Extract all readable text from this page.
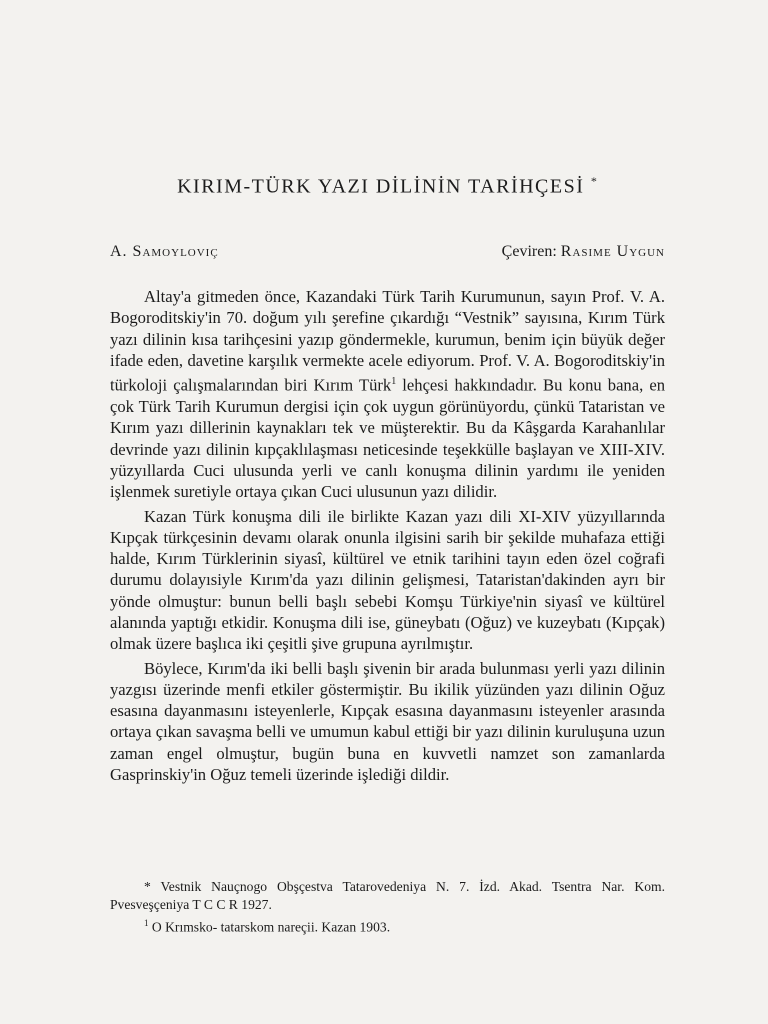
KIRIM-TÜRK YAZI DİLİNİN TARİHÇESİ *
A. Samoyloviç	Çeviren: Rasime Uygun

Altay'a gitmeden önce, Kazandaki Türk Tarih Kurumunun, sayın Prof. V. A. Bogoroditskiy'in 70. doğum yılı şerefine çıkardığı “Vestnik” sayısına, Kırım Türk yazı dilinin kısa tarihçesini yazıp göndermekle, kurumun, benim için büyük değer ifade eden, davetine karşılık vermekte acele ediyorum. Prof. V. A. Bogoroditskiy'in türkoloji çalışmalarından biri Kırım Türk$^1$ lehçesi hakkındadır. Bu konu bana, en çok Türk Tarih Kurumun dergisi için çok uygun görünüyordu, çünkü Tataristan ve Kırım yazı dillerinin kaynakları tek ve müşterektir. Bu da Kâşgarda Karahanlılar devrinde yazı dilinin kıpçaklılaşması neticesinde teşekkülle başlayan ve XIII-XIV. yüzyıllarda Cuci ulusunda yerli ve canlı konuşma dilinin yardımı ile yeniden işlenmek suretiyle ortaya çıkan Cuci ulusunun yazı dilidir.

Kazan Türk konuşma dili ile birlikte Kazan yazı dili XI-XIV yüzyıllarında Kıpçak türkçesinin devamı olarak onunla ilgisini sarih bir şekilde muhafaza ettiği halde, Kırım Türklerinin siyasî, kültürel ve etnik tarihini tayın eden özel coğrafi durumu dolayısiyle Kırım'da yazı dilinin gelişmesi, Tataristan'dakinden ayrı bir yönde olmuştur: bunun belli başlı sebebi Komşu Türkiye'nin siyasî ve kültürel alanında yaptığı etkidir. Konuşma dili ise, güneybatı (Oğuz) ve kuzeybatı (Kıpçak) olmak üzere başlıca iki çeşitli şive grupuna ayrılmıştır.

Böylece, Kırım'da iki belli başlı şivenin bir arada bulunması yerli yazı dilinin yazgısı üzerinde menfi etkiler göstermiştir. Bu ikilik yüzünden yazı dilinin Oğuz esasına dayanmasını isteyenlerle, Kıpçak esasına dayanmasını isteyenler arasında ortaya çıkan savaşma belli ve umumun kabul ettiği bir yazı dilinin kuruluşuna uzun zaman engel olmuştur, bugün buna en kuvvetli namzet son zamanlarda Gasprinskiy'in Oğuz temeli üzerinde işlediği dildir.

* Vestnik Nauçnogo Obşçestva Tatarovedeniya N. 7. İzd. Akad. Tsentra Nar. Kom. Pvesveşçeniya T C C R 1927.

$^1$ O Krımsko- tatarskom nareçii. Kazan 1903.
